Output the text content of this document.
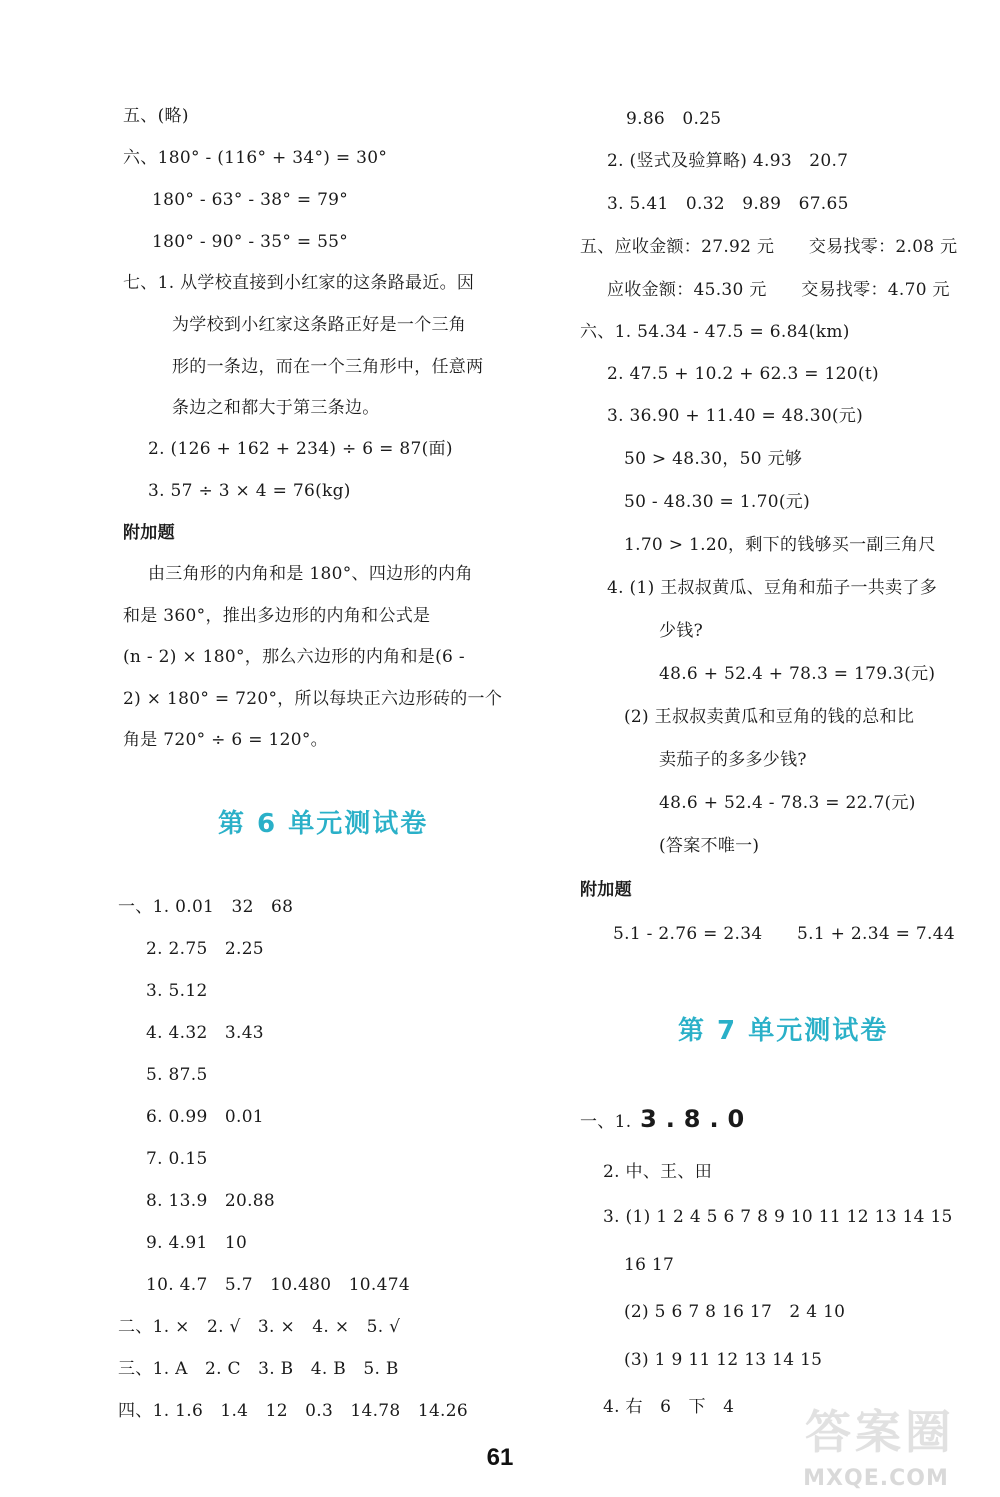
61	答案圈
MXQE.COM
五、(略)
六、180° - (116° + 34°) = 30°
180° - 63° - 38° = 79°
180° - 90° - 35° = 55°
七、1. 从学校直接到小红家的这条路最近。因
为学校到小红家这条路正好是一个三角
形的一条边，而在一个三角形中，任意两
条边之和都大于第三条边。
2. (126 + 162 + 234) ÷ 6 = 87(面)
3. 57 ÷ 3 × 4 = 76(kg)
附加题
由三角形的内角和是 180°、四边形的内角
和是 360°，推出多边形的内角和公式是
(n - 2) × 180°，那么六边形的内角和是(6 -
2) × 180° = 720°，所以每块正六边形砖的一个
角是 720° ÷ 6 = 120°。
一、1. 0.01　32　68
2. 2.75　2.25
3. 5.12
4. 4.32　3.43
5. 87.5
6. 0.99　0.01
7. 0.15
8. 13.9　20.88
9. 4.91　10
10. 4.7　5.7　10.480　10.474
二、1. ×　2. √　3. ×　4. ×　5. √
三、1. A　2. C　3. B　4. B　5. B
四、1. 1.6　1.4　12　0.3　14.78　14.26
9.86　0.25
2. (竖式及验算略) 4.93　20.7
3. 5.41　0.32　9.89　67.65
五、应收金额：27.92 元　　交易找零：2.08 元
应收金额：45.30 元　　交易找零：4.70 元
六、1. 54.34 - 47.5 = 6.84(km)
2. 47.5 + 10.2 + 62.3 = 120(t)
3. 36.90 + 11.40 = 48.30(元)
50 > 48.30，50 元够
50 - 48.30 = 1.70(元)
1.70 > 1.20，剩下的钱够买一副三角尺
4. (1) 王叔叔黄瓜、豆角和茄子一共卖了多
少钱?
48.6 + 52.4 + 78.3 = 179.3(元)
(2) 王叔叔卖黄瓜和豆角的钱的总和比
卖茄子的多多少钱?
48.6 + 52.4 - 78.3 = 22.7(元)
(答案不唯一)
附加题
5.1 - 2.76 = 2.34　　5.1 + 2.34 = 7.44
2. 中、王、田
3. (1) 1 2 4 5 6 7 8 9 10 11 12 13 14 15
16 17
(2) 5 6 7 8 16 17　2 4 10
(3) 1 9 11 12 13 14 15
4. 右　6　下　4
第 6 单元测试卷
第 7 单元测试卷
一、1. 3 . 8 . 0
